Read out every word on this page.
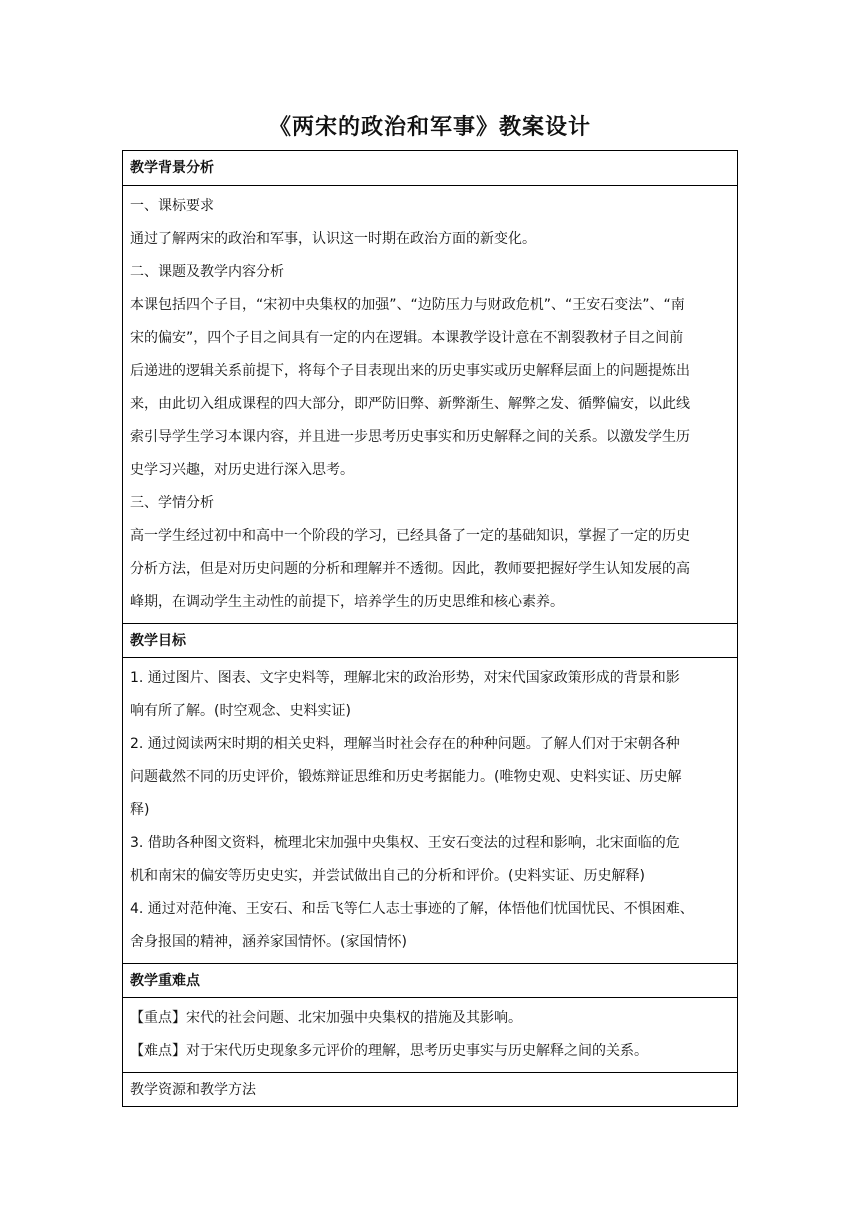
《两宋的政治和军事》教案设计
教学背景分析
一、课标要求
通过了解两宋的政治和军事，认识这一时期在政治方面的新变化。
二、课题及教学内容分析
本课包括四个子目，“宋初中央集权的加强”、“边防压力与财政危机”、“王安石变法”、“南
宋的偏安”，四个子目之间具有一定的内在逻辑。本课教学设计意在不割裂教材子目之间前
后递进的逻辑关系前提下，将每个子目表现出来的历史事实或历史解释层面上的问题提炼出
来，由此切入组成课程的四大部分，即严防旧弊、新弊渐生、解弊之发、循弊偏安，以此线
索引导学生学习本课内容，并且进一步思考历史事实和历史解释之间的关系。以激发学生历
史学习兴趣，对历史进行深入思考。
三、学情分析
高一学生经过初中和高中一个阶段的学习，已经具备了一定的基础知识，掌握了一定的历史
分析方法，但是对历史问题的分析和理解并不透彻。因此，教师要把握好学生认知发展的高
峰期，在调动学生主动性的前提下，培养学生的历史思维和核心素养。
教学目标
1. 通过图片、图表、文字史料等，理解北宋的政治形势，对宋代国家政策形成的背景和影
响有所了解。(时空观念、史料实证)
2. 通过阅读两宋时期的相关史料，理解当时社会存在的种种问题。了解人们对于宋朝各种
问题截然不同的历史评价，锻炼辩证思维和历史考据能力。(唯物史观、史料实证、历史解
释)
3. 借助各种图文资料，梳理北宋加强中央集权、王安石变法的过程和影响，北宋面临的危
机和南宋的偏安等历史史实，并尝试做出自己的分析和评价。(史料实证、历史解释)
4. 通过对范仲淹、王安石、和岳飞等仁人志士事迹的了解，体悟他们忧国忧民、不惧困难、
舍身报国的精神，涵养家国情怀。(家国情怀)
教学重难点
【重点】宋代的社会问题、北宋加强中央集权的措施及其影响。
【难点】对于宋代历史现象多元评价的理解，思考历史事实与历史解释之间的关系。
教学资源和教学方法
